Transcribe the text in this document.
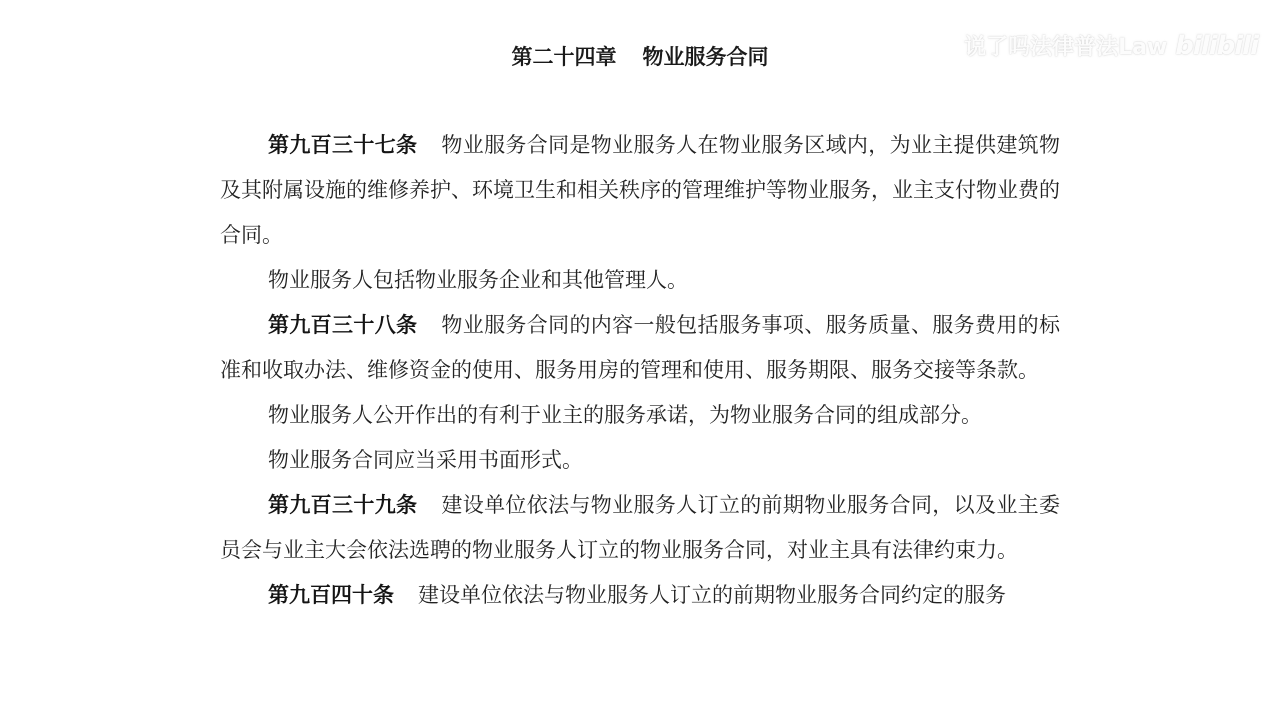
第二十四章 物业服务合同	说了吗法律普法Law bilibili

第九百三十七条 物业服务合同是物业服务人在物业服务区域内，为业主提供建筑物及其附属设施的维修养护、环境卫生和相关秩序的管理维护等物业服务，业主支付物业费的合同。

物业服务人包括物业服务企业和其他管理人。

第九百三十八条 物业服务合同的内容一般包括服务事项、服务质量、服务费用的标准和收取办法、维修资金的使用、服务用房的管理和使用、服务期限、服务交接等条款。

物业服务人公开作出的有利于业主的服务承诺，为物业服务合同的组成部分。

物业服务合同应当采用书面形式。

第九百三十九条 建设单位依法与物业服务人订立的前期物业服务合同，以及业主委员会与业主大会依法选聘的物业服务人订立的物业服务合同，对业主具有法律约束力。

第九百四十条 建设单位依法与物业服务人订立的前期物业服务合同约定的服务
